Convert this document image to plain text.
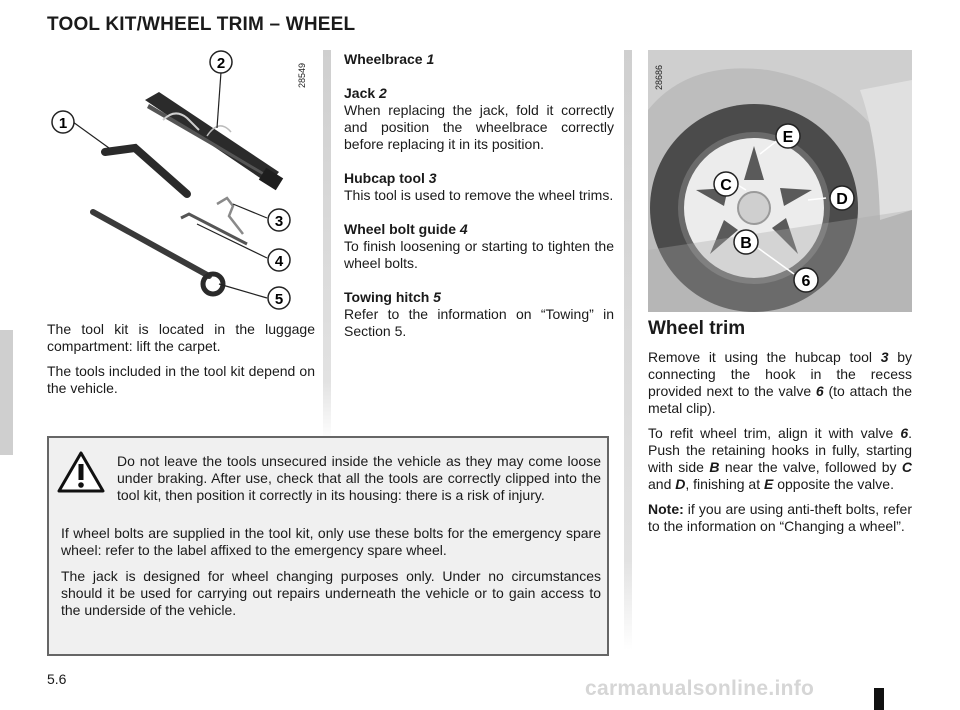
TOOL KIT/WHEEL TRIM – WHEEL
1
2
3
4
5
28549
E
C
D
B
6
28686

The tool kit is located in the luggage compartment: lift the carpet.

The tools included in the tool kit depend on the vehicle.

Wheelbrace 1
Jack 2
When replacing the jack, fold it correctly and position the wheelbrace correctly before replacing it in its position.
Hubcap tool 3
This tool is used to remove the wheel trims.
Wheel bolt guide 4
To finish loosening or starting to tighten the wheel bolts.
Towing hitch 5
Refer to the information on “Towing” in Section 5.	Wheel trim

Remove it using the hubcap tool 3 by connecting the hook in the recess provided next to the valve 6 (to attach the metal clip).

To refit wheel trim, align it with valve 6. Push the retaining hooks in fully, starting with side B near the valve, followed by C and D, finishing at E opposite the valve.

Note: if you are using anti-theft bolts, refer to the information on “Changing a wheel”.

Do not leave the tools unsecured inside the vehicle as they may come loose under braking. After use, check that all the tools are correctly clipped into the tool kit, then position it correctly in its housing: there is a risk of injury.

If wheel bolts are supplied in the tool kit, only use these bolts for the emergency spare wheel: refer to the label affixed to the emergency spare wheel.

The jack is designed for wheel changing purposes only. Under no circumstances should it be used for carrying out repairs underneath the vehicle or to gain access to the underside of the vehicle.

5.6	carmanualsonline.info
